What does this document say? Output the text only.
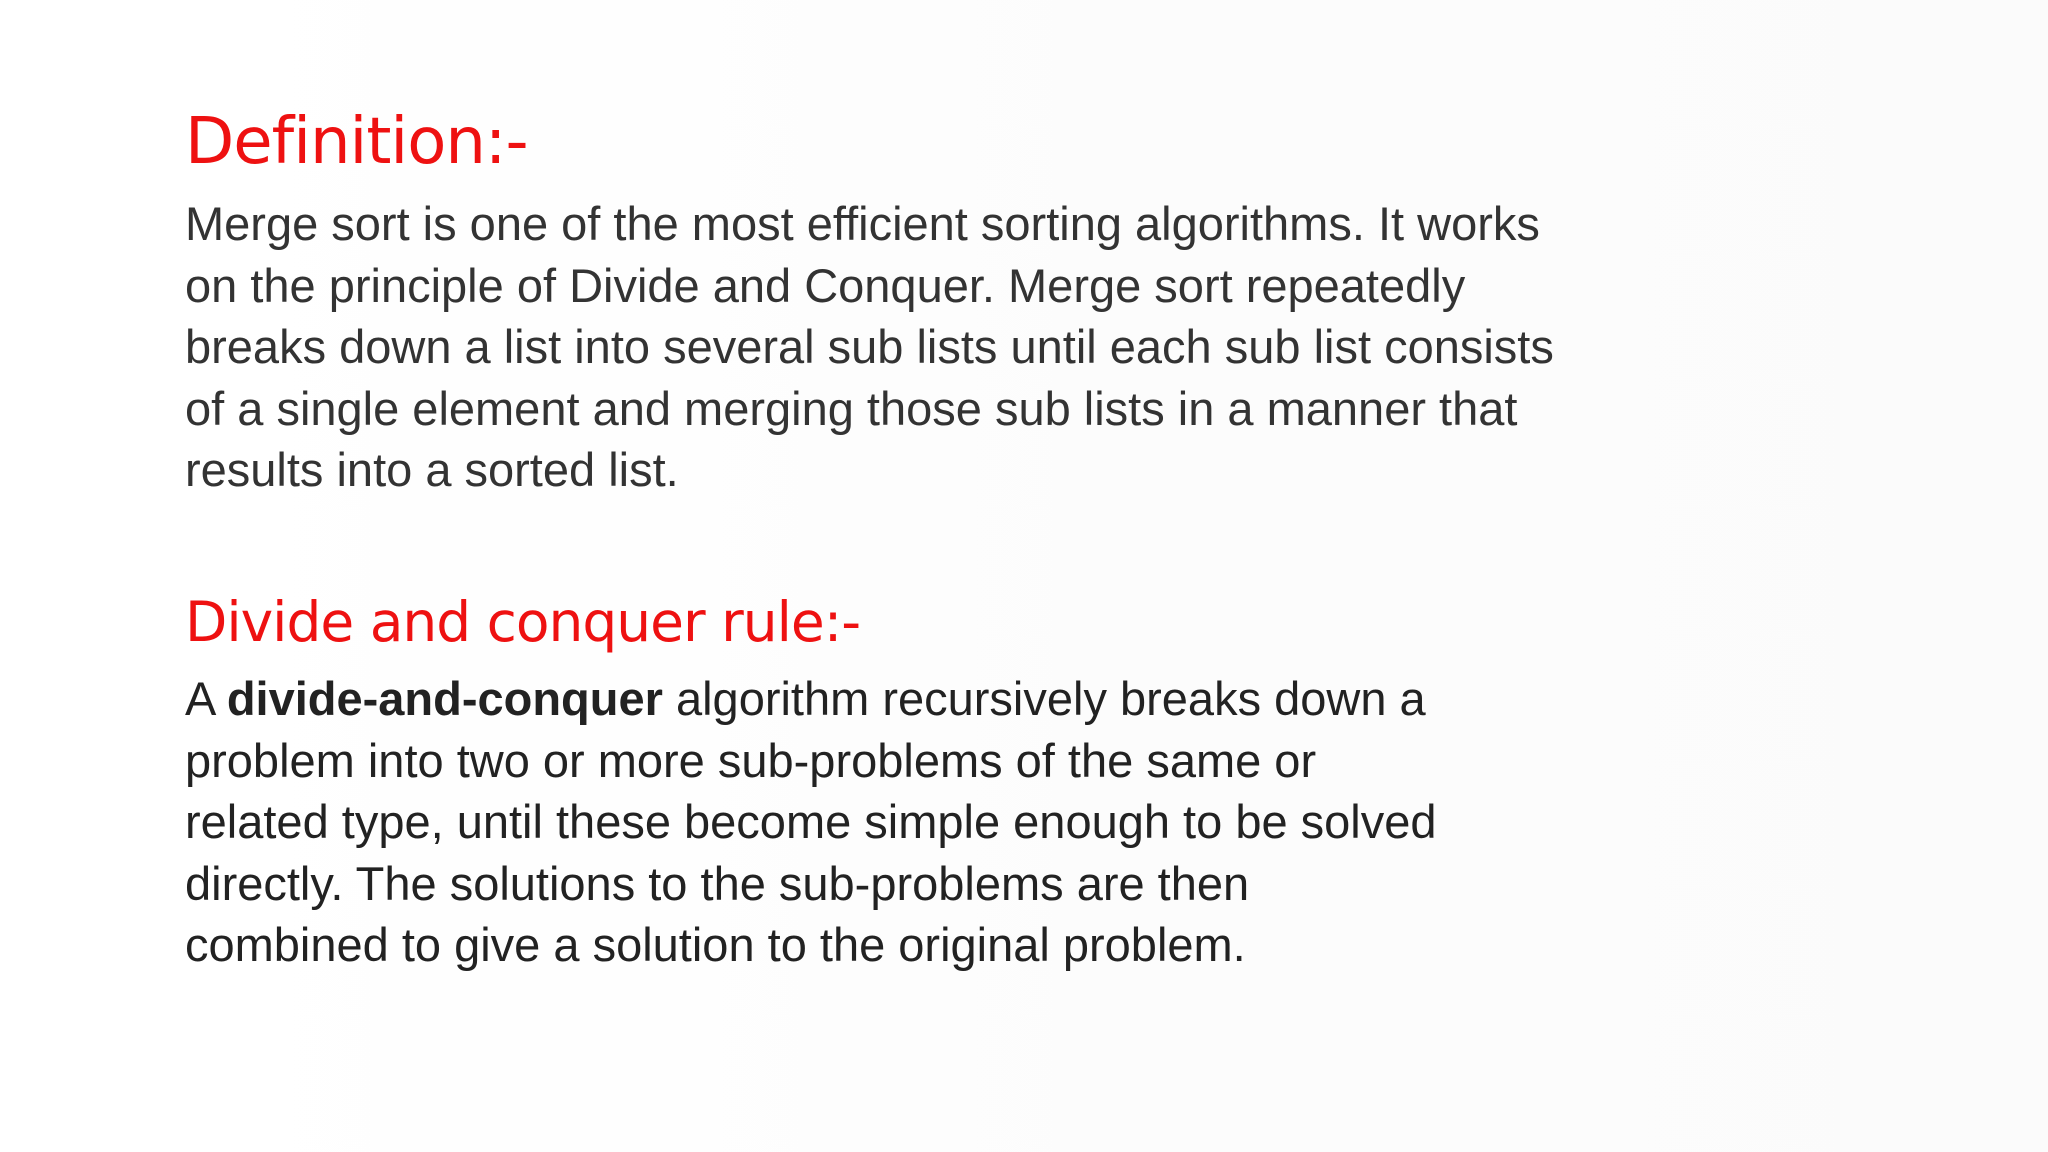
Definition:-

Merge sort is one of the most efficient sorting algorithms. It works
on the principle of Divide and Conquer. Merge sort repeatedly
breaks down a list into several sub lists until each sub list consists
of a single element and merging those sub lists in a manner that
results into a sorted list.

Divide and conquer rule:-

A divide-and-conquer algorithm recursively breaks down a
problem into two or more sub-problems of the same or
related type, until these become simple enough to be solved
directly. The solutions to the sub-problems are then
combined to give a solution to the original problem.
